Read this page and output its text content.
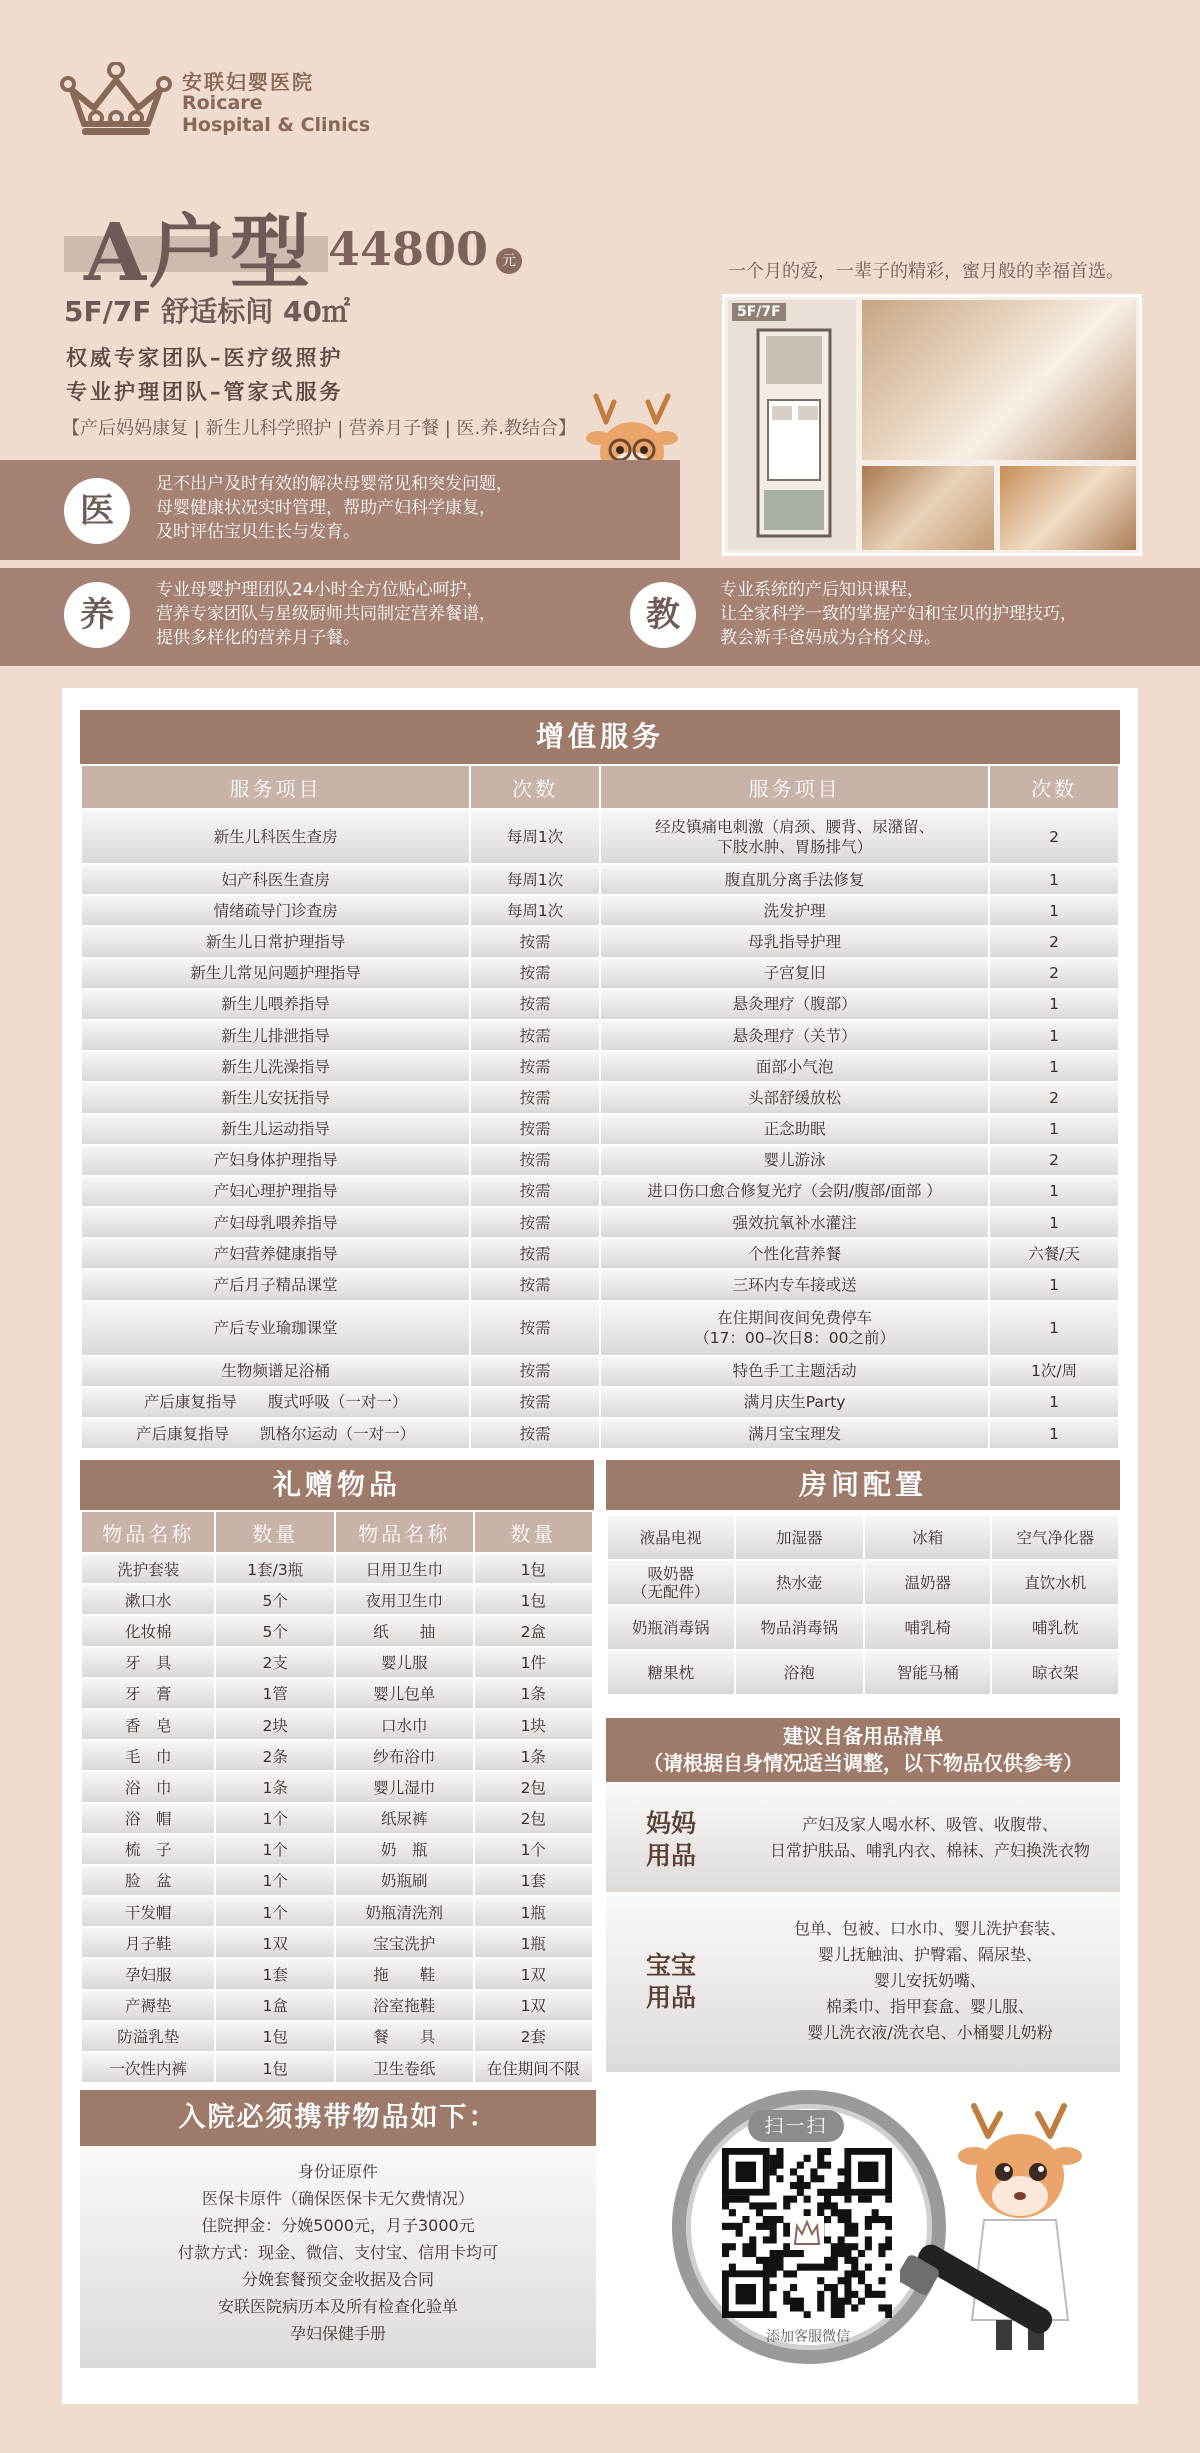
安联妇婴医院
Roicare
Hospital & Clinics
A户型 44800 元
5F/7F 舒适标间 40㎡
权威专家团队–医疗级照护
专业护理团队–管家式服务
【产后妈妈康复 | 新生儿科学照护 | 营养月子餐 | 医.养.教结合】
一个月的爱，一辈子的精彩，蜜月般的幸福首选。
5F/7F
医
足不出户及时有效的解决母婴常见和突发问题，
母婴健康状况实时管理，帮助产妇科学康复，
及时评估宝贝生长与发育。
养
专业母婴护理团队24小时全方位贴心呵护，
营养专家团队与星级厨师共同制定营养餐谱，
提供多样化的营养月子餐。
教
专业系统的产后知识课程，
让全家科学一致的掌握产妇和宝贝的护理技巧，
教会新手爸妈成为合格父母。
增值服务
服务项目	次数	服务项目	次数
新生儿科医生查房	每周1次	经皮镇痛电刺激（肩颈、腰背、尿潴留、
下肢水肿、胃肠排气）	2
妇产科医生查房	每周1次	腹直肌分离手法修复	1
情绪疏导门诊查房	每周1次	洗发护理	1
新生儿日常护理指导	按需	母乳指导护理	2
新生儿常见问题护理指导	按需	子宫复旧	2
新生儿喂养指导	按需	悬灸理疗（腹部）	1
新生儿排泄指导	按需	悬灸理疗（关节）	1
新生儿洗澡指导	按需	面部小气泡	1
新生儿安抚指导	按需	头部舒缓放松	2
新生儿运动指导	按需	正念助眠	1
产妇身体护理指导	按需	婴儿游泳	2
产妇心理护理指导	按需	进口伤口愈合修复光疗（会阴/腹部/面部 ）	1
产妇母乳喂养指导	按需	强效抗氧补水灌注	1
产妇营养健康指导	按需	个性化营养餐	六餐/天
产后月子精品课堂	按需	三环内专车接或送	1
产后专业瑜珈课堂	按需	在住期间夜间免费停车
（17：00–次日8：00之前）	1
生物频谱足浴桶	按需	特色手工主题活动	1次/周
产后康复指导　　腹式呼吸（一对一）	按需	满月庆生Party	1
产后康复指导　　凯格尔运动（一对一）	按需	满月宝宝理发	1
礼赠物品
物品名称	数量	物品名称	数量
洗护套装	1套/3瓶	日用卫生巾	1包
漱口水	5个	夜用卫生巾	1包
化妆棉	5个	纸　　抽	2盒
牙　具	2支	婴儿服	1件
牙　膏	1管	婴儿包单	1条
香　皂	2块	口水巾	1块
毛　巾	2条	纱布浴巾	1条
浴　巾	1条	婴儿湿巾	2包
浴　帽	1个	纸尿裤	2包
梳　子	1个	奶　瓶	1个
脸　盆	1个	奶瓶刷	1套
干发帽	1个	奶瓶清洗剂	1瓶
月子鞋	1双	宝宝洗护	1瓶
孕妇服	1套	拖　　鞋	1双
产褥垫	1盒	浴室拖鞋	1双
防溢乳垫	1包	餐　　具	2套
一次性内裤	1包	卫生卷纸	在住期间不限
房间配置
液晶电视	加湿器	冰箱	空气净化器
吸奶器
（无配件）	热水壶	温奶器	直饮水机
奶瓶消毒锅	物品消毒锅	哺乳椅	哺乳枕
糖果枕	浴袍	智能马桶	晾衣架
建议自备用品清单
（请根据自身情况适当调整，以下物品仅供参考）
妈妈
用品
产妇及家人喝水杯、吸管、收腹带、
日常护肤品、哺乳内衣、棉袜、产妇换洗衣物
宝宝
用品
包单、包被、口水巾、婴儿洗护套装、
婴儿抚触油、护臀霜、隔尿垫、
婴儿安抚奶嘴、
棉柔巾、指甲套盒、婴儿服、
婴儿洗衣液/洗衣皂、小桶婴儿奶粉
入院必须携带物品如下：
身份证原件
医保卡原件（确保医保卡无欠费情况）
住院押金：分娩5000元，月子3000元
付款方式：现金、微信、支付宝、信用卡均可
分娩套餐预交金收据及合同
安联医院病历本及所有检查化验单
孕妇保健手册
扫一扫
添加客服微信
